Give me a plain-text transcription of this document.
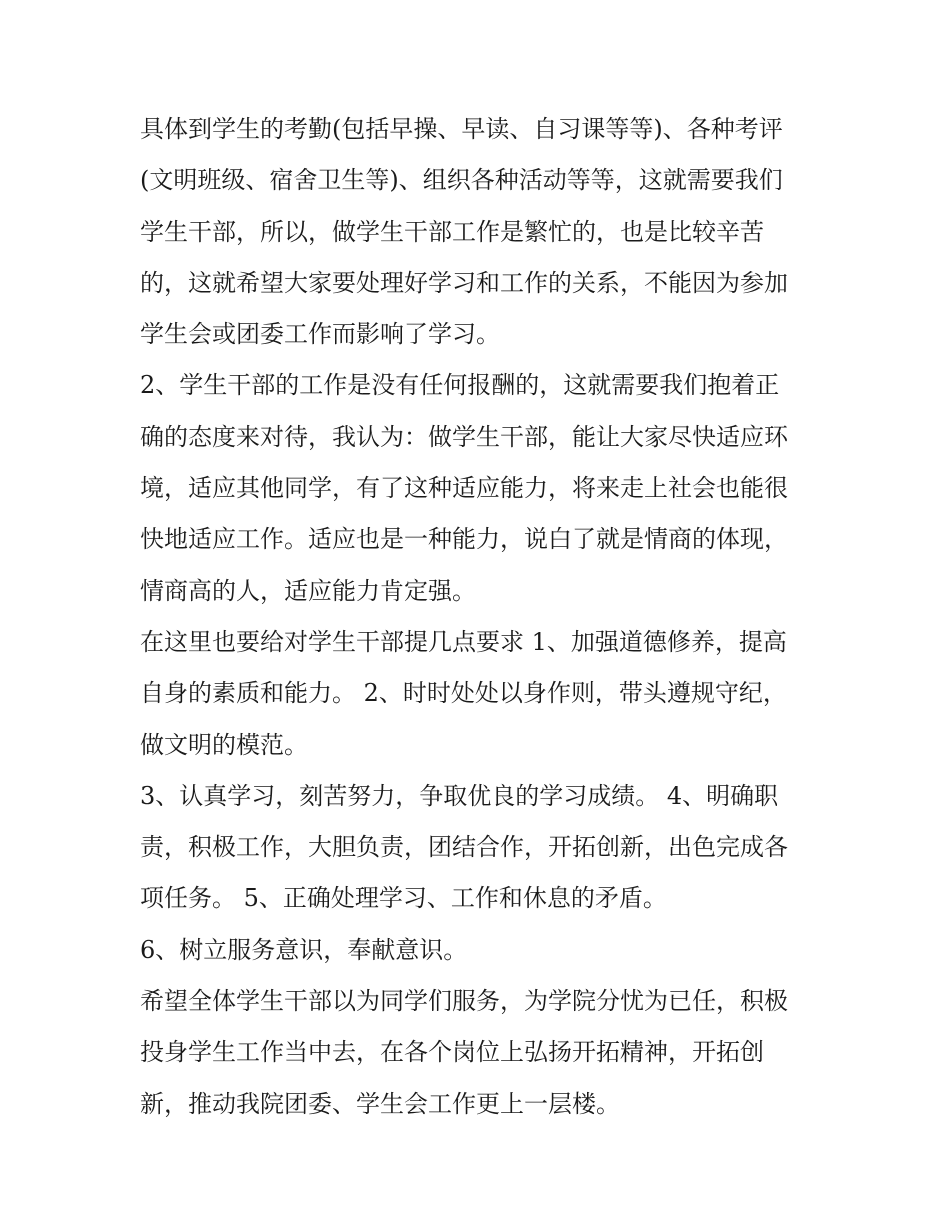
具体到学生的考勤(包括早操、早读、自习课等等)、各种考评
(文明班级、宿舍卫生等)、组织各种活动等等，这就需要我们
学生干部，所以，做学生干部工作是繁忙的，也是比较辛苦
的，这就希望大家要处理好学习和工作的关系，不能因为参加
学生会或团委工作而影响了学习。
2、学生干部的工作是没有任何报酬的，这就需要我们抱着正
确的态度来对待，我认为：做学生干部，能让大家尽快适应环
境，适应其他同学，有了这种适应能力，将来走上社会也能很
快地适应工作。适应也是一种能力，说白了就是情商的体现，
情商高的人，适应能力肯定强。
在这里也要给对学生干部提几点要求 1、加强道德修养，提高
自身的素质和能力。 2、时时处处以身作则，带头遵规守纪，
做文明的模范。
3、认真学习，刻苦努力，争取优良的学习成绩。 4、明确职
责，积极工作，大胆负责，团结合作，开拓创新，出色完成各
项任务。 5、正确处理学习、工作和休息的矛盾。
6、树立服务意识，奉献意识。
希望全体学生干部以为同学们服务，为学院分忧为已任，积极
投身学生工作当中去，在各个岗位上弘扬开拓精神，开拓创
新，推动我院团委、学生会工作更上一层楼。
